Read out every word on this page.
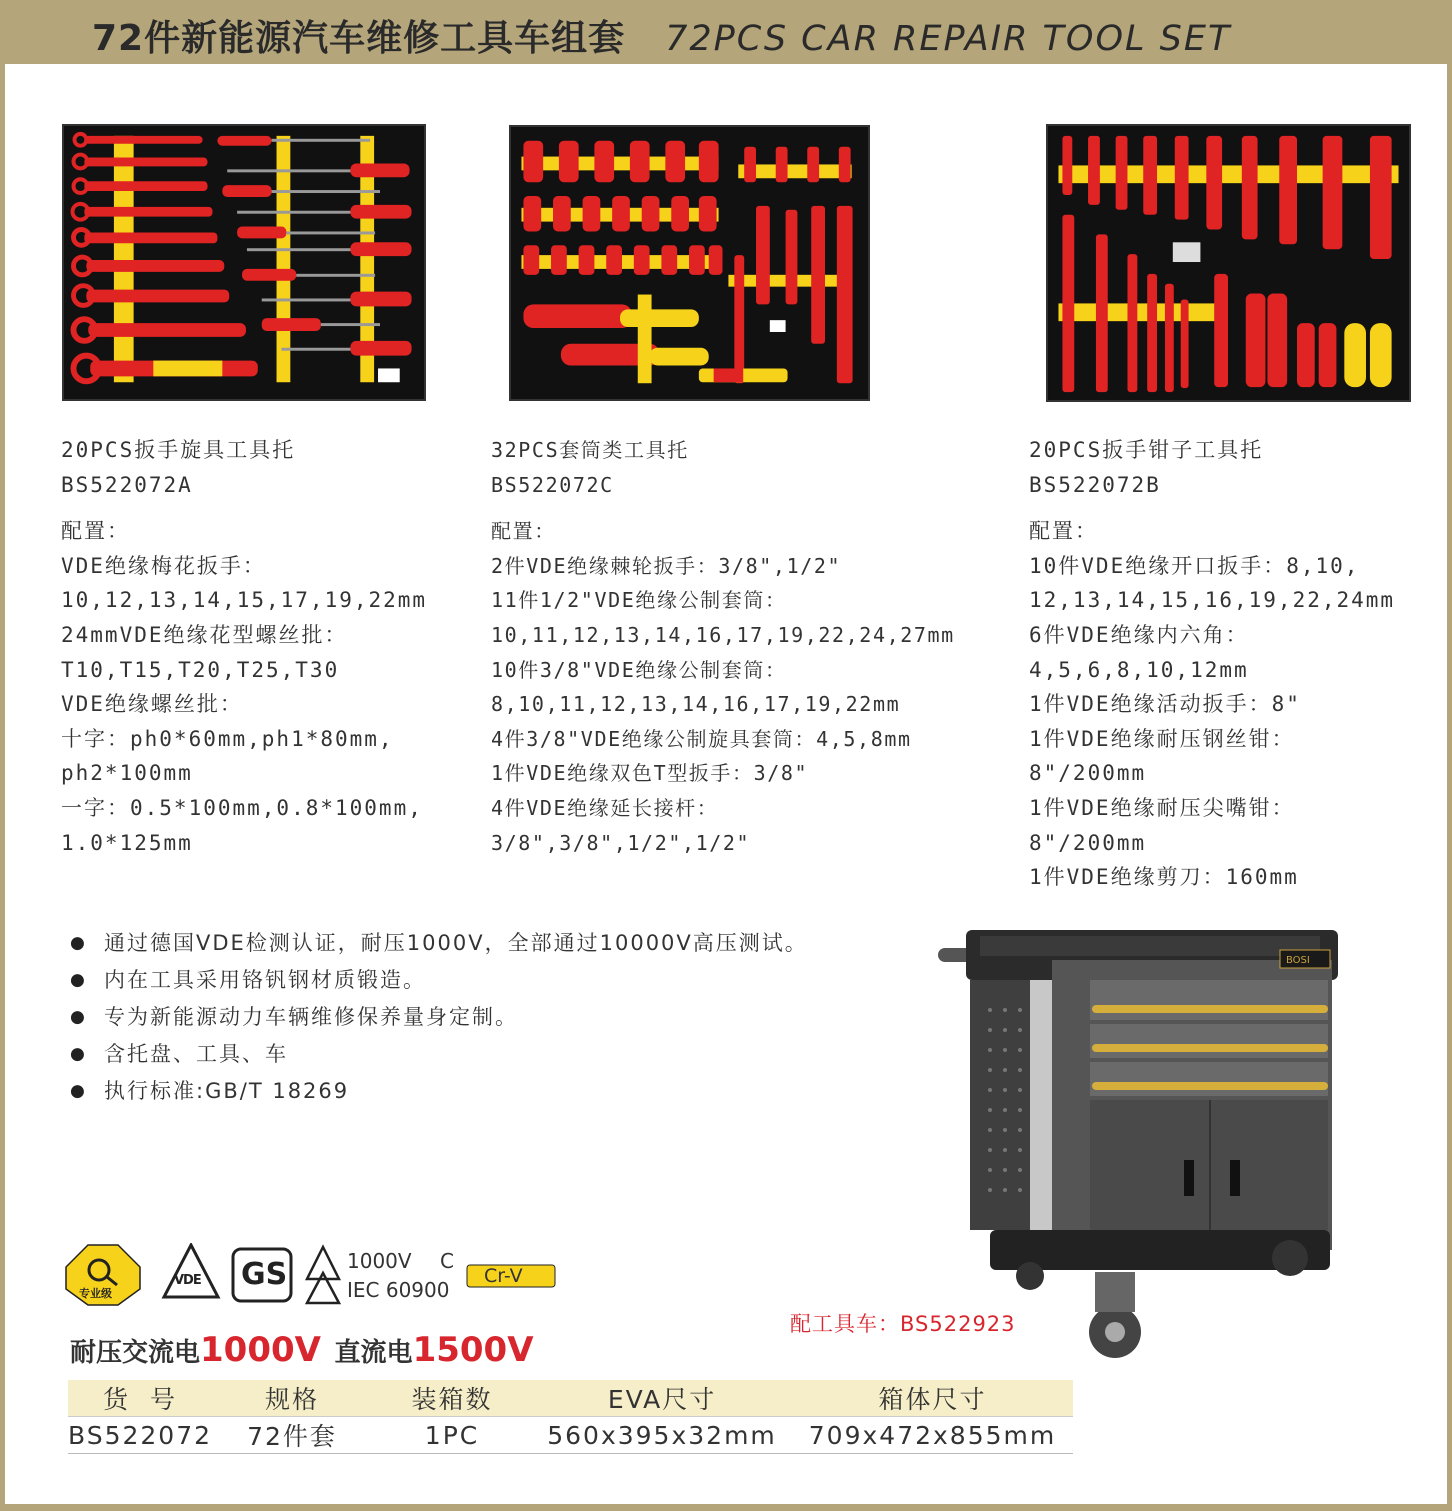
72件新能源汽车维修工具车组套 72PCS CAR REPAIR TOOL SET
20PCS扳手旋具工具托
BS522072A
配置：
VDE绝缘梅花扳手：
10,12,13,14,15,17,19,22mm
24mmVDE绝缘花型螺丝批：
T10,T15,T20,T25,T30
VDE绝缘螺丝批：
十字：ph0*60mm,ph1*80mm,
ph2*100mm
一字：0.5*100mm,0.8*100mm,
1.0*125mm
32PCS套筒类工具托
BS522072C
配置：
2件VDE绝缘棘轮扳手：3/8",1/2"
11件1/2"VDE绝缘公制套筒：
10,11,12,13,14,16,17,19,22,24,27mm
10件3/8"VDE绝缘公制套筒：
8,10,11,12,13,14,16,17,19,22mm
4件3/8"VDE绝缘公制旋具套筒：4,5,8mm
1件VDE绝缘双色T型扳手：3/8"
4件VDE绝缘延长接杆：
3/8",3/8",1/2",1/2"
20PCS扳手钳子工具托
BS522072B
配置：
10件VDE绝缘开口扳手：8,10,
12,13,14,15,16,19,22,24mm
6件VDE绝缘内六角：
4,5,6,8,10,12mm
1件VDE绝缘活动扳手：8"
1件VDE绝缘耐压钢丝钳：
8"/200mm
1件VDE绝缘耐压尖嘴钳：
8"/200mm
1件VDE绝缘剪刀：160mm
● 通过德国VDE检测认证，耐压1000V，全部通过10000V高压测试。
● 内在工具采用铬钒钢材质锻造。
● 专为新能源动力车辆维修保养量身定制。
● 含托盘、工具、车
● 执行标准:GB/T 18269
BOSI
专业级
VDE GS	1000V C
IEC 60900
Cr-V
耐压交流电1000V 直流电1500V
配工具车：BS522923
货  号	规格	装箱数	EVA尺寸	箱体尺寸
BS522072	72件套	1PC	560x395x32mm	709x472x855mm
